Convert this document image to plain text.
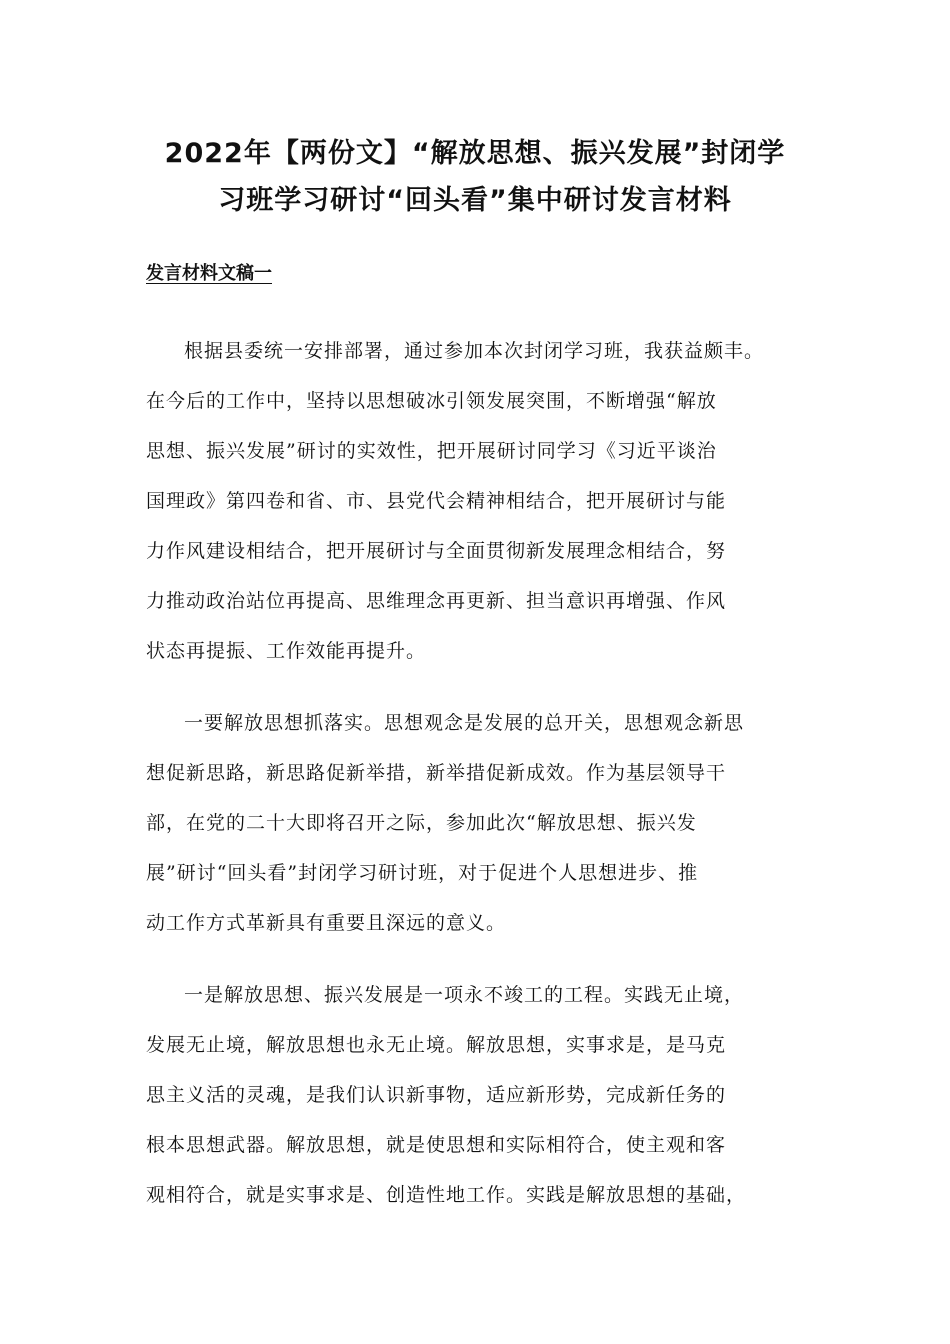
2022年【两份文】“解放思想、振兴发展”封闭学
习班学习研讨“回头看”集中研讨发言材料
发言材料文稿一
根据县委统一安排部署，通过参加本次封闭学习班，我获益颇丰。
在今后的工作中，坚持以思想破冰引领发展突围，不断增强“解放
思想、振兴发展”研讨的实效性，把开展研讨同学习《习近平谈治
国理政》第四卷和省、市、县党代会精神相结合，把开展研讨与能
力作风建设相结合，把开展研讨与全面贯彻新发展理念相结合，努
力推动政治站位再提高、思维理念再更新、担当意识再增强、作风
状态再提振、工作效能再提升。
一要解放思想抓落实。思想观念是发展的总开关，思想观念新思
想促新思路，新思路促新举措，新举措促新成效。作为基层领导干
部，在党的二十大即将召开之际，参加此次“解放思想、振兴发
展”研讨“回头看”封闭学习研讨班，对于促进个人思想进步、推
动工作方式革新具有重要且深远的意义。
一是解放思想、振兴发展是一项永不竣工的工程。实践无止境，
发展无止境，解放思想也永无止境。解放思想，实事求是，是马克
思主义活的灵魂，是我们认识新事物，适应新形势，完成新任务的
根本思想武器。解放思想，就是使思想和实际相符合，使主观和客
观相符合，就是实事求是、创造性地工作。实践是解放思想的基础，
